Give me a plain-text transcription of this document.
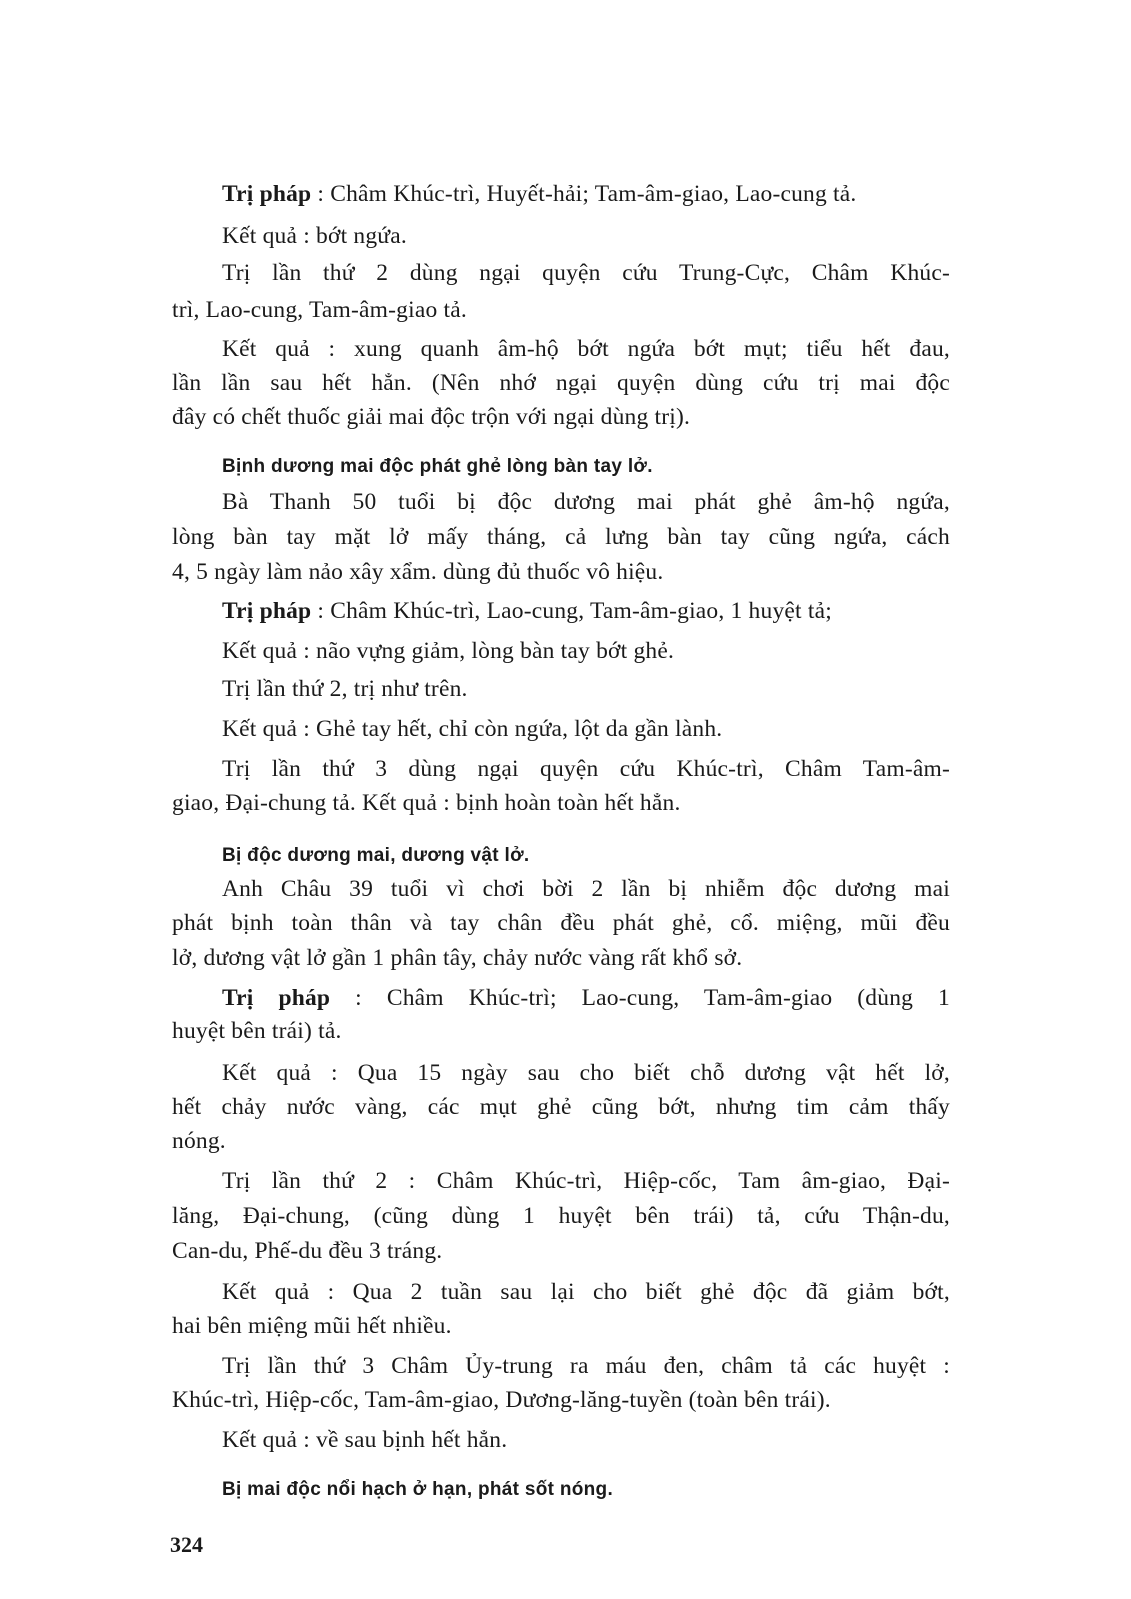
Trị pháp : Châm Khúc-trì, Huyết-hải; Tam-âm-giao, Lao-cung tả.
Kết quả : bớt ngứa.
Trị lần thứ 2 dùng ngại quyện cứu Trung-Cực, Châm Khúc-
trì, Lao-cung, Tam-âm-giao tả.
Kết quả : xung quanh âm-hộ bớt ngứa bớt mụt; tiểu hết đau,
lần lần sau hết hẳn. (Nên nhớ ngại quyện dùng cứu trị mai độc
đây có chết thuốc giải mai độc trộn với ngại dùng trị).
Bịnh dương mai độc phát ghẻ lòng bàn tay lở.
Bà Thanh 50 tuổi bị độc dương mai phát ghẻ âm-hộ ngứa,
lòng bàn tay mặt lở mấy tháng, cả lưng bàn tay cũng ngứa, cách
4, 5 ngày làm nảo xây xẩm. dùng đủ thuốc vô hiệu.
Trị pháp : Châm Khúc-trì, Lao-cung, Tam-âm-giao, 1 huyệt tả;
Kết quả : não vựng giảm, lòng bàn tay bớt ghẻ.
Trị lần thứ 2, trị như trên.
Kết quả : Ghẻ tay hết, chỉ còn ngứa, lột da gần lành.
Trị lần thứ 3 dùng ngại quyện cứu Khúc-trì, Châm Tam-âm-
giao, Đại-chung tả. Kết quả : bịnh hoàn toàn hết hẳn.
Bị độc dương mai, dương vật lở.
Anh Châu 39 tuổi vì chơi bời 2 lần bị nhiễm độc dương mai
phát bịnh toàn thân và tay chân đều phát ghẻ, cổ. miệng, mũi đều
lở, dương vật lở gần 1 phân tây, chảy nước vàng rất khổ sở.
Trị pháp : Châm Khúc-trì; Lao-cung, Tam-âm-giao (dùng 1
huyệt bên trái) tả.
Kết quả : Qua 15 ngày sau cho biết chỗ dương vật hết lở,
hết chảy nước vàng, các mụt ghẻ cũng bớt, nhưng tim cảm thấy
nóng.
Trị lần thứ 2 : Châm Khúc-trì, Hiệp-cốc, Tam âm-giao, Đại-
lăng, Đại-chung, (cũng dùng 1 huyệt bên trái) tả, cứu Thận-du,
Can-du, Phế-du đều 3 tráng.
Kết quả : Qua 2 tuần sau lại cho biết ghẻ độc đã giảm bớt,
hai bên miệng mũi hết nhiều.
Trị lần thứ 3 Châm Ủy-trung ra máu đen, châm tả các huyệt :
Khúc-trì, Hiệp-cốc, Tam-âm-giao, Dương-lăng-tuyền (toàn bên trái).
Kết quả : về sau bịnh hết hẳn.
Bị mai độc nổi hạch ở hạn, phát sốt nóng.
324
